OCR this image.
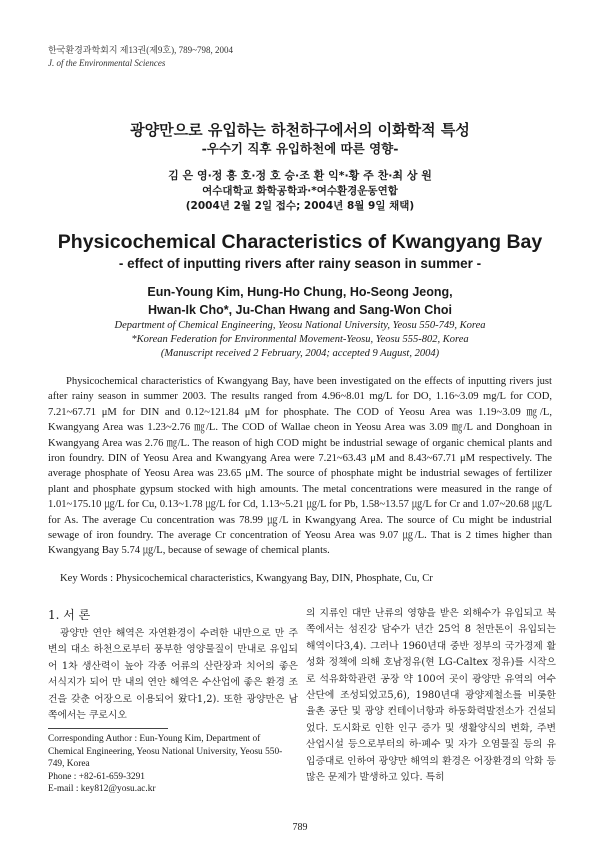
한국환경과학회지 제13권(제9호), 789~798, 2004
J. of the Environmental Sciences

광양만으로 유입하는 하천하구에서의 이화학적 특성

-우수기 직후 유입하천에 따른 영향-

김 은 영·정 흥 호·정 호 승·조 환 익*·황 주 찬·최 상 원
여수대학교 화학공학과·*여수환경운동연합
(2004년 2월 2일 접수; 2004년 8월 9일 채택)
Physicochemical Characteristics of Kwangyang Bay
- effect of inputting rivers after rainy season in summer -
Eun-Young Kim, Hung-Ho Chung, Ho-Seong Jeong,
Hwan-Ik Cho*, Ju-Chan Hwang and Sang-Won Choi
Department of Chemical Engineering, Yeosu National University, Yeosu 550-749, Korea
*Korean Federation for Environmental Movement-Yeosu, Yeosu 555-802, Korea
(Manuscript received 2 February, 2004; accepted 9 August, 2004)

Physicochemical characteristics of Kwangyang Bay, have been investigated on the effects of inputting rivers just after rainy season in summer 2003. The results ranged from 4.96~8.01 mg/L for DO, 1.16~3.09 mg/L for COD, 7.21~67.71 μM for DIN and 0.12~121.84 μM for phosphate. The COD of Yeosu Area was 1.19~3.09 ㎎/L, Kwangyang Area was 1.23~2.76 ㎎/L. The COD of Wallae cheon in Yeosu Area was 3.09 ㎎/L and Donghoan in Kwangyang Area was 2.76 ㎎/L. The reason of high COD might be industrial sewage of organic chemical plants and iron foundry. DIN of Yeosu Area and Kwangyang Area were 7.21~63.43 μM and 8.43~67.71 μM respectively. The average phosphate of Yeosu Area was 23.65 μM. The source of phosphate might be industrial sewages of fertilizer plant and phosphate gypsum stocked with high amounts. The metal concentrations were measured in the range of 1.01~175.10 ㎍/L for Cu, 0.13~1.78 ㎍/L for Cd, 1.13~5.21 ㎍/L for Pb, 1.58~13.57 ㎍/L for Cr and 1.07~20.68 ㎍/L for As. The average Cu concentration was 78.99 ㎍/L in Kwangyang Area. The source of Cu might be industrial sewage of iron foundry. The average Cr concentration of Yeosu Area was 9.07 ㎍/L. That is 2 times higher than Kwangyang Bay 5.74 ㎍/L, because of sewage of chemical plants.

Key Words : Physicochemical characteristics, Kwangyang Bay, DIN, Phosphate, Cu, Cr

1. 서 론

광양만 연안 해역은 자연환경이 수려한 내만으로 만 주변의 대소 하천으로부터 풍부한 영양물질이 만내로 유입되어 1차 생산력이 높아 각종 어류의 산란장과 치어의 좋은 서식지가 되어 만 내의 연안 해역은 수산업에 좋은 환경 조건을 갖춘 어장으로 이용되어 왔다1,2). 또한 광양만은 남쪽에서는 쿠로시오

의 지류인 대만 난류의 영향을 받은 외해수가 유입되고 북쪽에서는 섬진강 담수가 년간 25억 8 천만톤이 유입되는 해역이다3,4). 그러나 1960년대 중반 정부의 국가경제 활성화 정책에 의해 호남정유(현 LG-Caltex 정유)를 시작으로 석유화학관련 공장 약 100여 곳이 광양만 유역의 여수 산단에 조성되었고5,6), 1980년대 광양제철소를 비롯한 율촌 공단 및 광양 컨테이너항과 하동화력발전소가 건설되었다. 도시화로 인한 인구 증가 및 생활양식의 변화, 주변 산업시설 등으로부터의 하·폐수 및 자가 오염물질 등의 유입증대로 인하여 광양만 해역의 환경은 어장환경의 악화 등 많은 문제가 발생하고 있다. 특히

Corresponding Author : Eun-Young Kim, Department of Chemical Engineering, Yeosu National University, Yeosu 550-749, Korea
Phone : +82-61-659-3291
E-mail : key812@yosu.ac.kr
789
